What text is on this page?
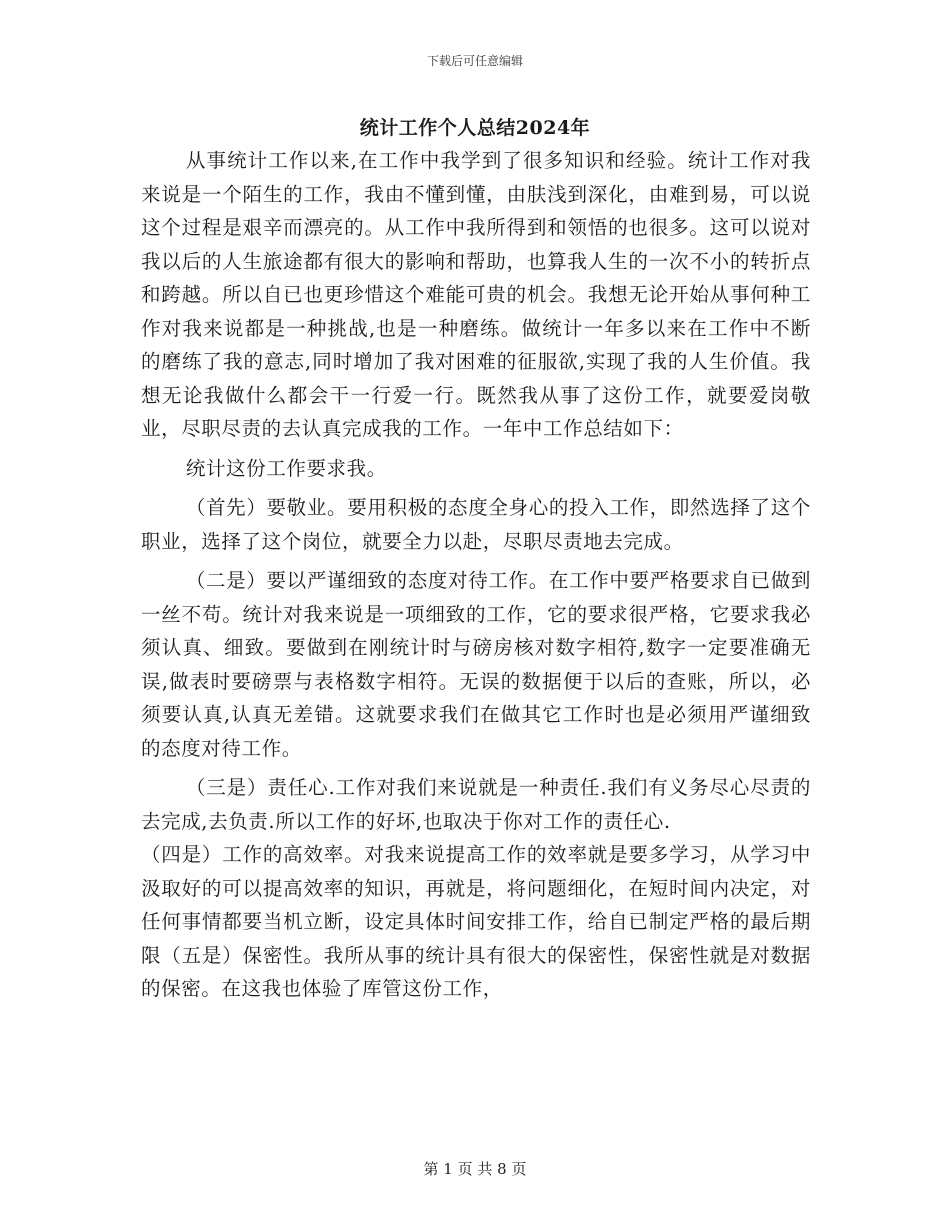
下载后可任意编辑
统计工作个人总结2024年

从事统计工作以来,在工作中我学到了很多知识和经验。统计工作对我来说是一个陌生的工作，我由不懂到懂，由肤浅到深化，由难到易，可以说这个过程是艰辛而漂亮的。从工作中我所得到和领悟的也很多。这可以说对我以后的人生旅途都有很大的影响和帮助，也算我人生的一次不小的转折点和跨越。所以自已也更珍惜这个难能可贵的机会。我想无论开始从事何种工作对我来说都是一种挑战,也是一种磨练。做统计一年多以来在工作中不断的磨练了我的意志,同时增加了我对困难的征服欲,实现了我的人生价值。我想无论我做什么都会干一行爱一行。既然我从事了这份工作，就要爱岗敬业，尽职尽责的去认真完成我的工作。一年中工作总结如下：

统计这份工作要求我。

（首先）要敬业。要用积极的态度全身心的投入工作，即然选择了这个职业，选择了这个岗位，就要全力以赴，尽职尽责地去完成。

（二是）要以严谨细致的态度对待工作。在工作中要严格要求自已做到一丝不苟。统计对我来说是一项细致的工作，它的要求很严格，它要求我必须认真、细致。要做到在刚统计时与磅房核对数字相符,数字一定要准确无误,做表时要磅票与表格数字相符。无误的数据便于以后的查账，所以，必须要认真,认真无差错。这就要求我们在做其它工作时也是必须用严谨细致的态度对待工作。

（三是）责任心.工作对我们来说就是一种责任.我们有义务尽心尽责的去完成,去负责.所以工作的好坏,也取决于你对工作的责任心.

（四是）工作的高效率。对我来说提高工作的效率就是要多学习，从学习中汲取好的可以提高效率的知识，再就是，将问题细化，在短时间内决定，对任何事情都要当机立断，设定具体时间安排工作，给自已制定严格的最后期限（五是）保密性。我所从事的统计具有很大的保密性，保密性就是对数据的保密。在这我也体验了库管这份工作，

第 1 页 共 8 页
